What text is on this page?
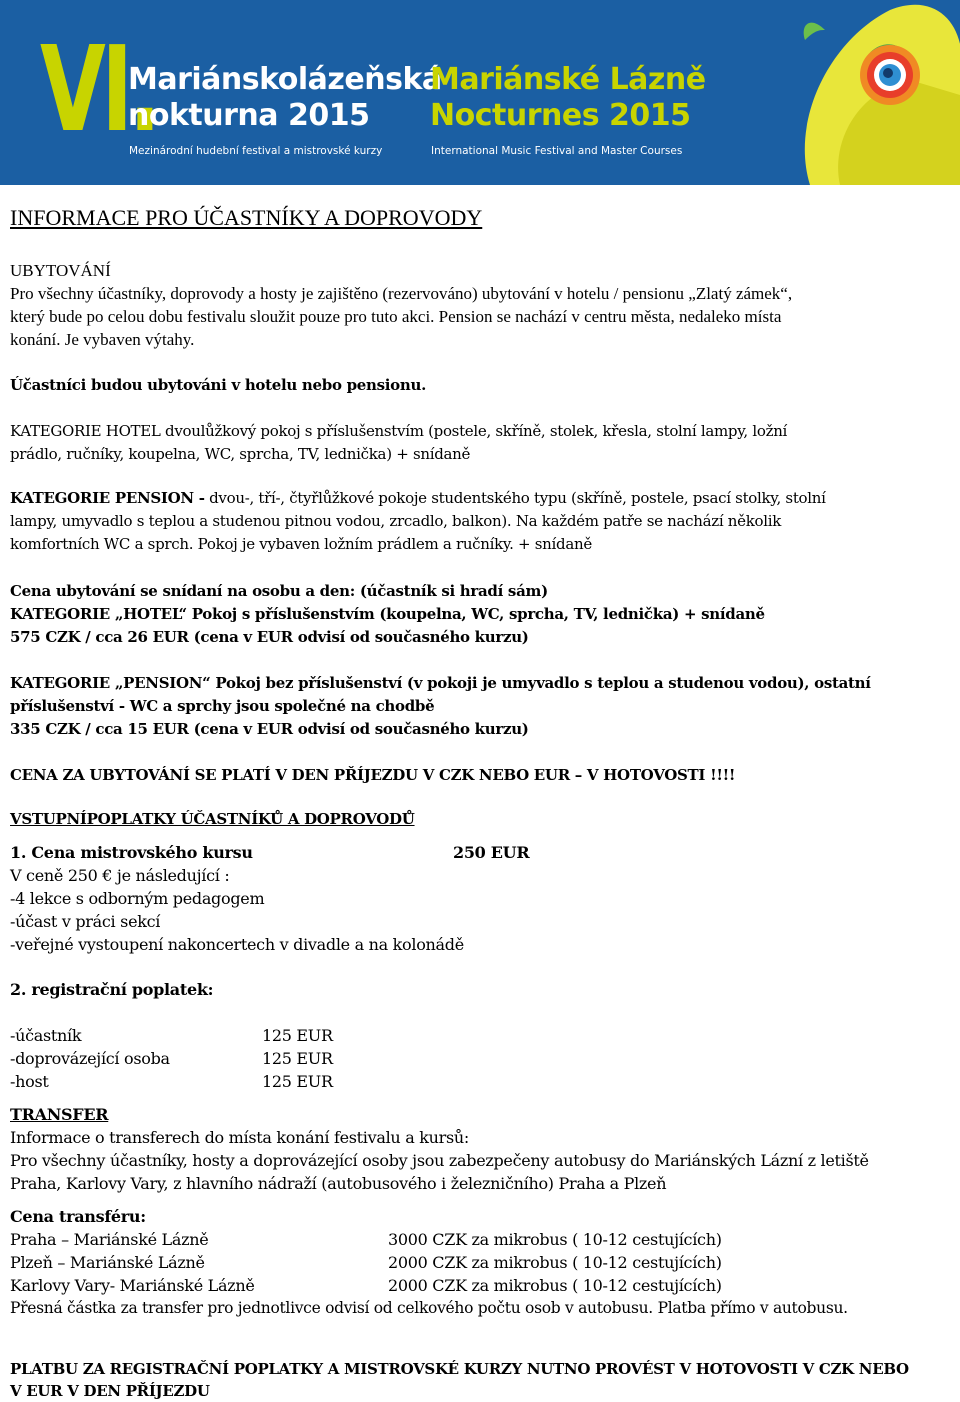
VI.
Mariánskolázeňská
nokturna 2015
Mezinárodní hudební festival a mistrovské kurzy
Mariánské Lázně
Nocturnes 2015
International Music Festival and Master Courses
INFORMACE PRO ÚČASTNÍKY A DOPROVODY
UBYTOVÁNÍ
Pro všechny účastníky, doprovody a hosty je zajištěno (rezervováno) ubytování v hotelu / pensionu „Zlatý zámek“,
který bude po celou dobu festivalu sloužit pouze pro tuto akci. Pension se nachází v centru města, nedaleko místa
konání. Je vybaven výtahy.
Účastníci budou ubytováni v hotelu nebo pensionu.
KATEGORIE HOTEL dvoulůžkový pokoj s příslušenstvím (postele, skříně, stolek, křesla, stolní lampy, ložní
prádlo, ručníky, koupelna, WC, sprcha, TV, lednička) + snídaně
KATEGORIE PENSION - dvou-, tří-, čtyřlůžkové pokoje studentského typu (skříně, postele, psací stolky, stolní
lampy, umyvadlo s teplou a studenou pitnou vodou, zrcadlo, balkon). Na každém patře se nachází několik
komfortních WC a sprch. Pokoj je vybaven ložním prádlem a ručníky. + snídaně
Cena ubytování se snídaní na osobu a den: (účastník si hradí sám)
KATEGORIE „HOTEL“ Pokoj s příslušenstvím (koupelna, WC, sprcha, TV, lednička) + snídaně
575 CZK / cca 26 EUR (cena v EUR odvisí od současného kurzu)
KATEGORIE „PENSION“ Pokoj bez příslušenství (v pokoji je umyvadlo s teplou a studenou vodou), ostatní
příslušenství - WC a sprchy jsou společné na chodbě
335 CZK / cca 15 EUR (cena v EUR odvisí od současného kurzu)
CENA ZA UBYTOVÁNÍ SE PLATÍ V DEN PŘÍJEZDU V CZK NEBO EUR – V HOTOVOSTI !!!!
VSTUPNÍPOPLATKY ÚČASTNÍKŮ A DOPROVODŮ
1. Cena mistrovského kursu	250 EUR
V ceně 250 € je následující :
-4 lekce s odborným pedagogem
-účast v práci sekcí
-veřejné vystoupení nakoncertech v divadle a na kolonádě
2. registrační poplatek:
-účastník	125 EUR
-doprovázející osoba	125 EUR
-host	125 EUR
TRANSFER
Informace o transferech do místa konání festivalu a kursů:
Pro všechny účastníky, hosty a doprovázející osoby jsou zabezpečeny autobusy do Mariánských Lázní z letiště
Praha, Karlovy Vary, z hlavního nádraží (autobusového i železničního) Praha a Plzeň
Cena transféru:
Praha – Mariánské Lázně	3000 CZK za mikrobus ( 10-12 cestujících)
Plzeň – Mariánské Lázně	2000 CZK za mikrobus ( 10-12 cestujících)
Karlovy Vary- Mariánské Lázně	2000 CZK za mikrobus ( 10-12 cestujících)
Přesná částka za transfer pro jednotlivce odvisí od celkového počtu osob v autobusu. Platba přímo v autobusu.
PLATBU ZA REGISTRAČNÍ POPLATKY A MISTROVSKÉ KURZY NUTNO PROVÉST V HOTOVOSTI V CZK NEBO
V EUR V DEN PŘÍJEZDU
